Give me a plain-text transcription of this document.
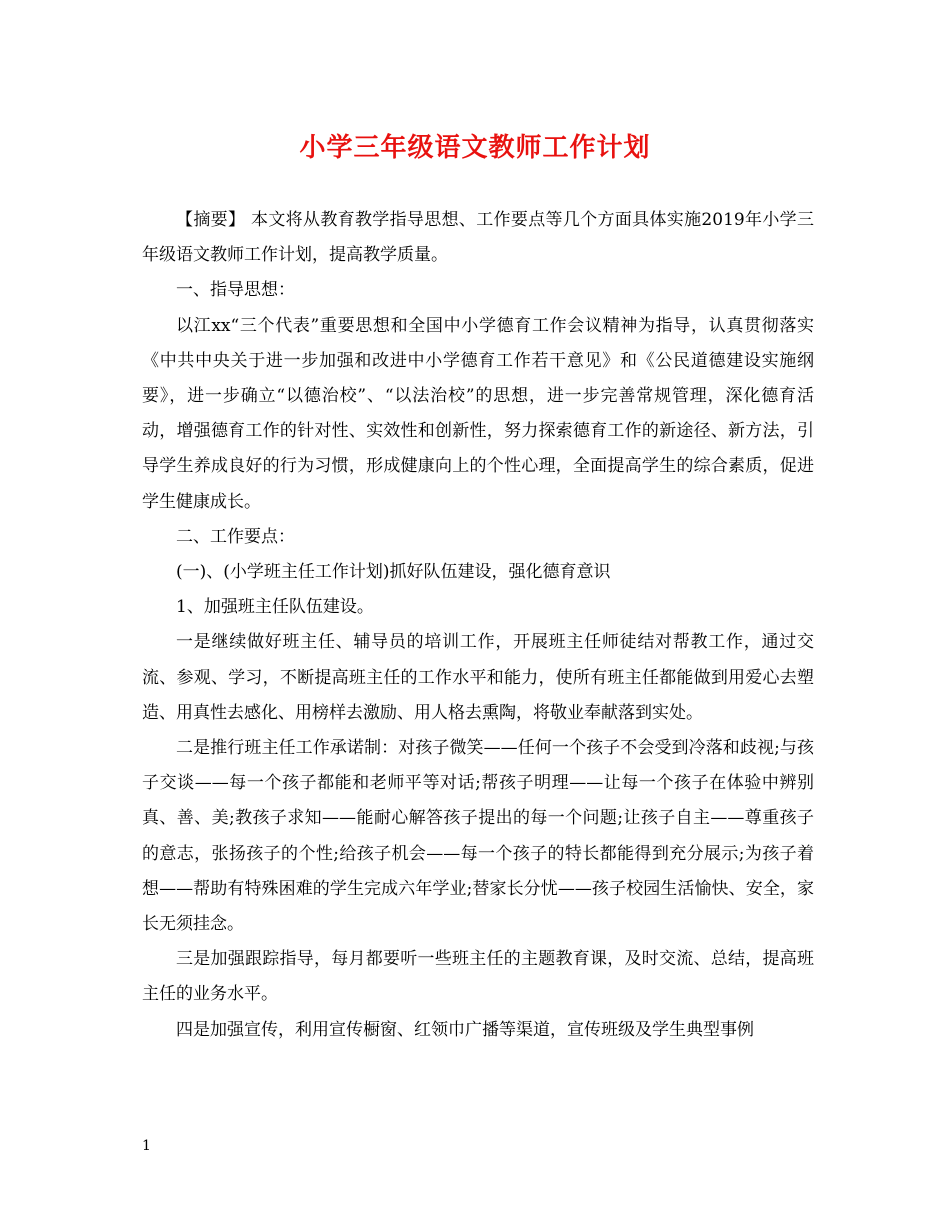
小学三年级语文教师工作计划

【摘要】 本文将从教育教学指导思想、工作要点等几个方面具体实施2019年小学三年级语文教师工作计划，提高教学质量。

一、指导思想：

以江xx“三个代表”重要思想和全国中小学德育工作会议精神为指导，认真贯彻落实《中共中央关于进一步加强和改进中小学德育工作若干意见》和《公民道德建设实施纲要》，进一步确立“以德治校”、“以法治校”的思想，进一步完善常规管理，深化德育活动，增强德育工作的针对性、实效性和创新性，努力探索德育工作的新途径、新方法，引导学生养成良好的行为习惯，形成健康向上的个性心理，全面提高学生的综合素质，促进学生健康成长。

二、工作要点：

(一)、(小学班主任工作计划)抓好队伍建设，强化德育意识

1、加强班主任队伍建设。

一是继续做好班主任、辅导员的培训工作，开展班主任师徒结对帮教工作，通过交流、参观、学习，不断提高班主任的工作水平和能力，使所有班主任都能做到用爱心去塑造、用真性去感化、用榜样去激励、用人格去熏陶，将敬业奉献落到实处。

二是推行班主任工作承诺制：对孩子微笑——任何一个孩子不会受到冷落和歧视;与孩子交谈——每一个孩子都能和老师平等对话;帮孩子明理——让每一个孩子在体验中辨别真、善、美;教孩子求知——能耐心解答孩子提出的每一个问题;让孩子自主——尊重孩子的意志，张扬孩子的个性;给孩子机会——每一个孩子的特长都能得到充分展示;为孩子着想——帮助有特殊困难的学生完成六年学业;替家长分忧——孩子校园生活愉快、安全，家长无须挂念。

三是加强跟踪指导，每月都要听一些班主任的主题教育课，及时交流、总结，提高班主任的业务水平。

四是加强宣传，利用宣传橱窗、红领巾广播等渠道，宣传班级及学生典型事例

1
